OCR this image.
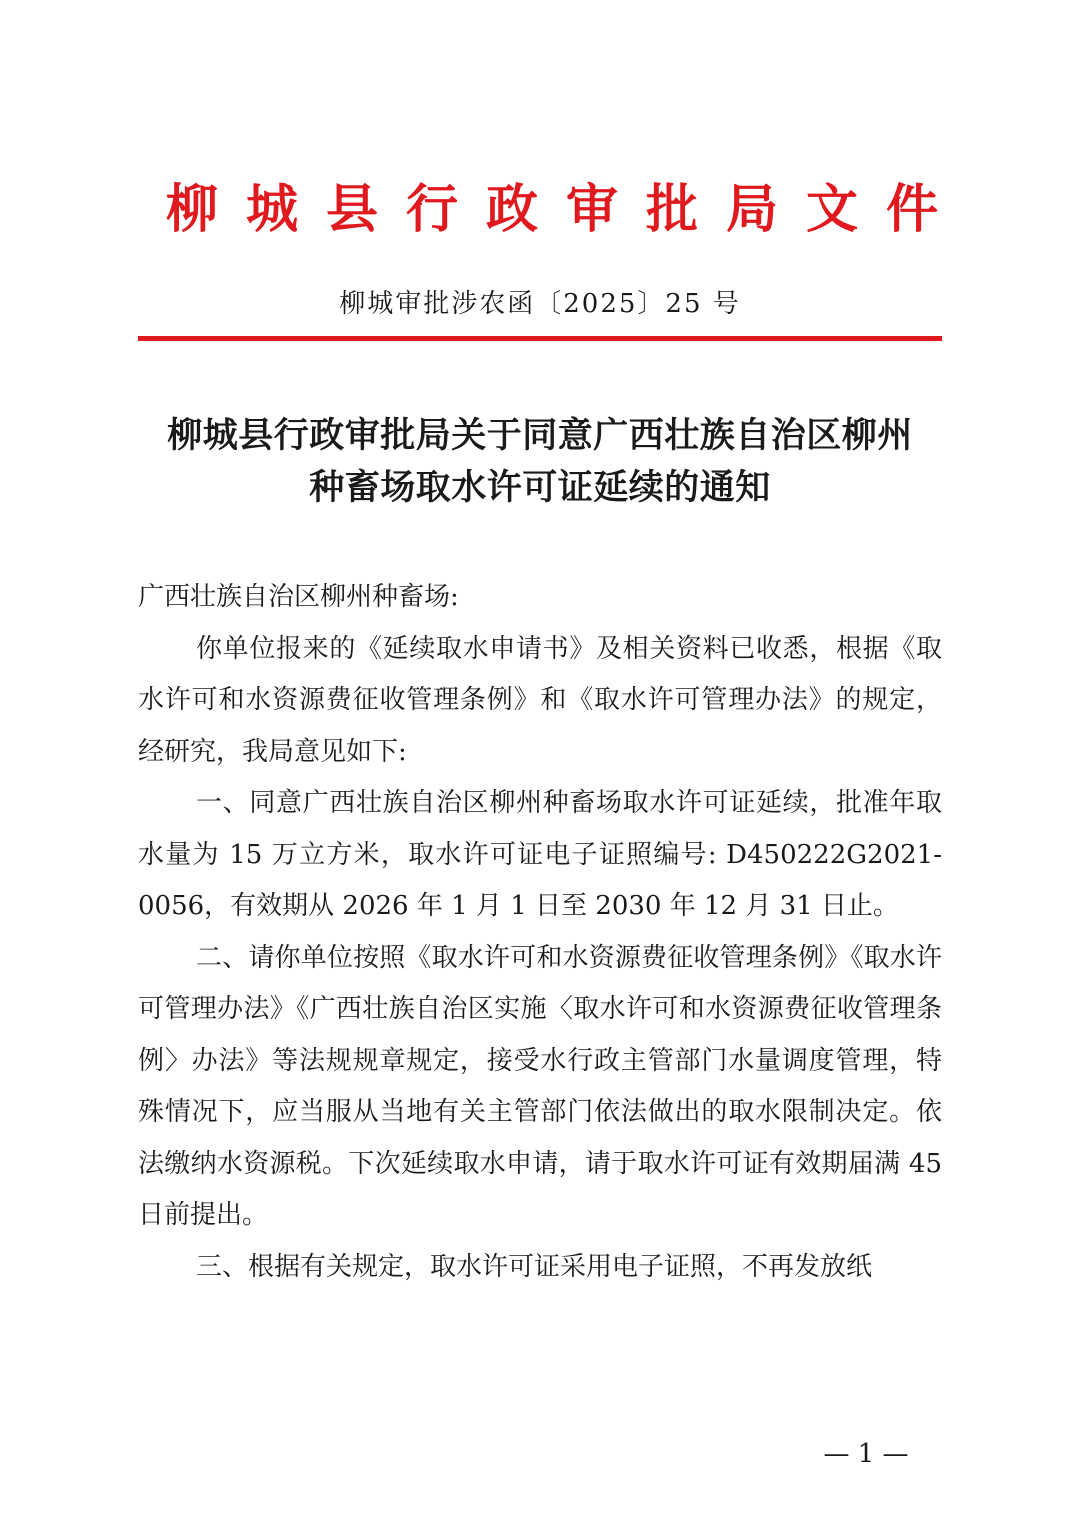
柳城县行政审批局文件
柳城审批涉农函〔2025〕25 号
柳城县行政审批局关于同意广西壮族自治区柳州
种畜场取水许可证延续的通知

广西壮族自治区柳州种畜场:

你单位报来的《延续取水申请书》及相关资料已收悉，根据《取水许可和水资源费征收管理条例》和《取水许可管理办法》的规定，经研究，我局意见如下:

一、同意广西壮族自治区柳州种畜场取水许可证延续，批准年取水量为 15 万立方米，取水许可证电子证照编号: D450222G2021-0056，有效期从 2026 年 1 月 1 日至 2030 年 12 月 31 日止。

二、请你单位按照《取水许可和水资源费征收管理条例》《取水许可管理办法》《广西壮族自治区实施〈取水许可和水资源费征收管理条例〉办法》等法规规章规定，接受水行政主管部门水量调度管理，特殊情况下，应当服从当地有关主管部门依法做出的取水限制决定。依法缴纳水资源税。下次延续取水申请，请于取水许可证有效期届满 45 日前提出。

三、根据有关规定，取水许可证采用电子证照，不再发放纸

— 1 —
